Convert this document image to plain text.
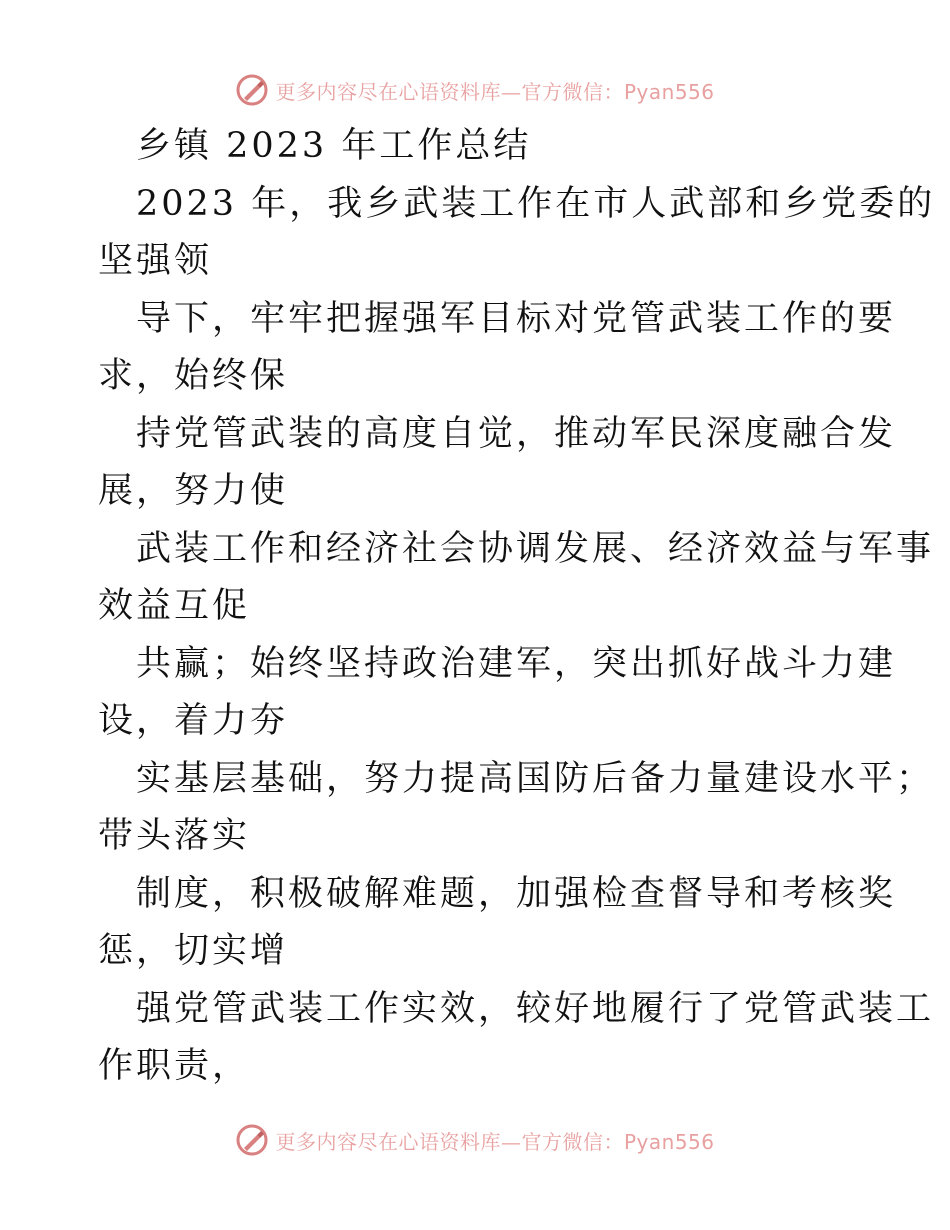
更多内容尽在心语资料库—官方微信：Pyan556
乡镇 2023 年工作总结
2023 年，我乡武装工作在市人武部和乡党委的
坚强领
导下，牢牢把握强军目标对党管武装工作的要
求，始终保
持党管武装的高度自觉，推动军民深度融合发
展，努力使
武装工作和经济社会协调发展、经济效益与军事
效益互促
共赢；始终坚持政治建军，突出抓好战斗力建
设，着力夯
实基层基础，努力提高国防后备力量建设水平；
带头落实
制度，积极破解难题，加强检查督导和考核奖
惩，切实增
强党管武装工作实效，较好地履行了党管武装工
作职责，
更多内容尽在心语资料库—官方微信：Pyan556
